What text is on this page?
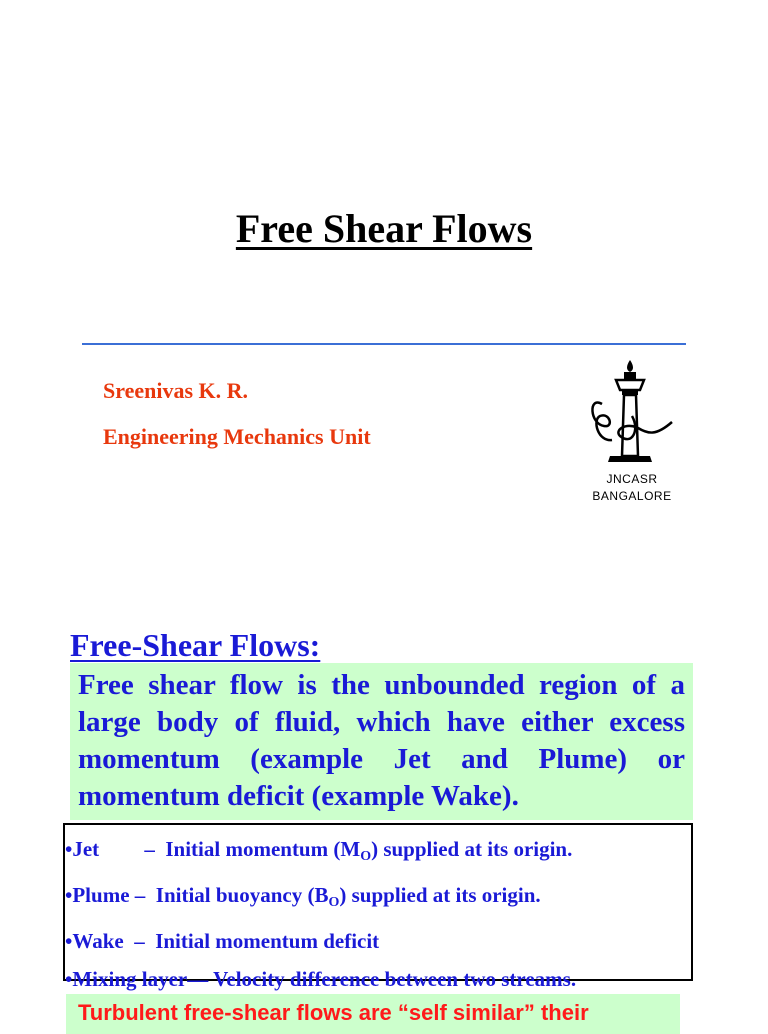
Free Shear Flows
Sreenivas K. R.
Engineering Mechanics Unit
JNCASR
BANGALORE
Free-Shear Flows:
Free shear flow is the unbounded region of a large body of fluid, which have either excess momentum (example Jet and Plume) or momentum deficit (example Wake).
•Jet – Initial momentum $(M_O)$ supplied at its origin.
•Plume – Initial buoyancy $(B_O)$ supplied at its origin.
•Wake – Initial momentum deficit
•Mixing layer— Velocity difference between two streams.
Turbulent free-shear flows are “self similar” their
